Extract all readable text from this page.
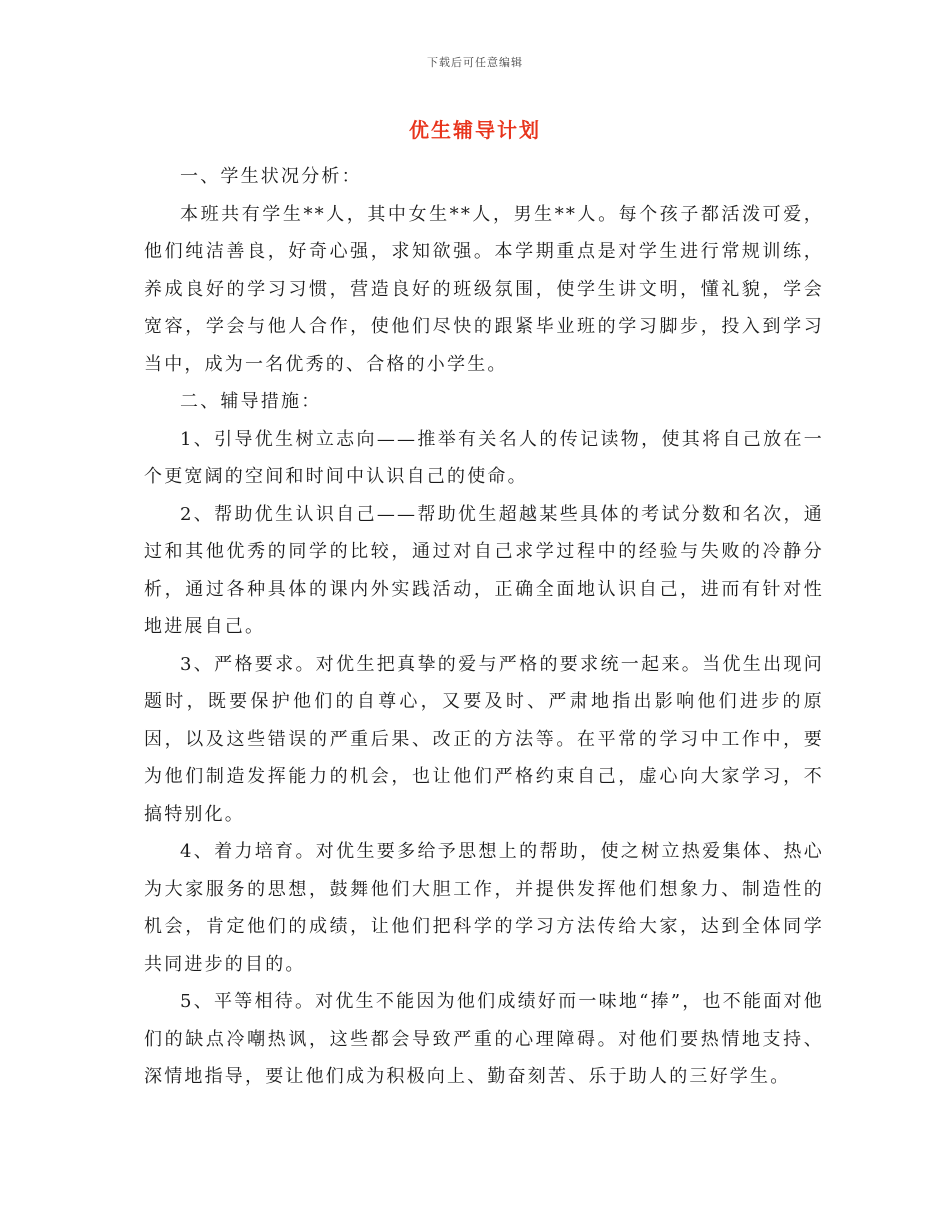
下载后可任意编辑
优生辅导计划

一、学生状况分析：

本班共有学生**人，其中女生**人，男生**人。每个孩子都活泼可爱，他们纯洁善良，好奇心强，求知欲强。本学期重点是对学生进行常规训练，养成良好的学习习惯，营造良好的班级氛围，使学生讲文明，懂礼貌，学会宽容，学会与他人合作，使他们尽快的跟紧毕业班的学习脚步，投入到学习当中，成为一名优秀的、合格的小学生。

二、辅导措施：

1、引导优生树立志向——推举有关名人的传记读物，使其将自己放在一个更宽阔的空间和时间中认识自己的使命。

2、帮助优生认识自己——帮助优生超越某些具体的考试分数和名次，通过和其他优秀的同学的比较，通过对自己求学过程中的经验与失败的冷静分析，通过各种具体的课内外实践活动，正确全面地认识自己，进而有针对性地进展自己。

3、严格要求。对优生把真挚的爱与严格的要求统一起来。当优生出现问题时，既要保护他们的自尊心，又要及时、严肃地指出影响他们进步的原因，以及这些错误的严重后果、改正的方法等。在平常的学习中工作中，要为他们制造发挥能力的机会，也让他们严格约束自己，虚心向大家学习，不搞特别化。

4、着力培育。对优生要多给予思想上的帮助，使之树立热爱集体、热心为大家服务的思想，鼓舞他们大胆工作，并提供发挥他们想象力、制造性的机会，肯定他们的成绩，让他们把科学的学习方法传给大家，达到全体同学共同进步的目的。

5、平等相待。对优生不能因为他们成绩好而一味地“捧”，也不能面对他们的缺点冷嘲热讽，这些都会导致严重的心理障碍。对他们要热情地支持、深情地指导，要让他们成为积极向上、勤奋刻苦、乐于助人的三好学生。
